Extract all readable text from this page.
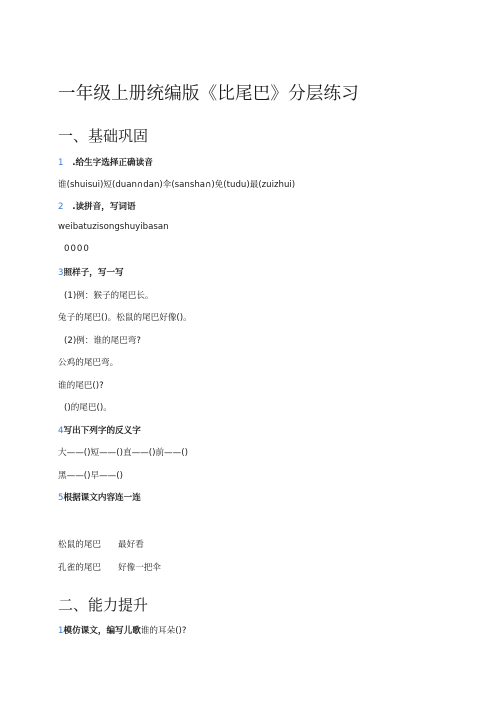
一年级上册统编版《比尾巴》分层练习
一、基础巩固
1 .给生字选择正确读音
谁(shuisui)短(duan∩dan)伞(sansha∩)免(tudu)最(zuizhui)
2 .读拼音，写词语
weibatuzisongshuyibasan
0000
3照样子，写一写
(1)例：猴子的尾巴长。
兔子的尾巴()。松鼠的尾巴好像()。
(2)例：谁的尾巴弯?
公鸡的尾巴弯。
谁的尾巴()?
()的尾巴()。
4写出下列字的反义字
大——()短——()直——()前——()
黑——()早——()
5根据课文内容连一连
松鼠的尾巴 最好看
孔雀的尾巴 好像一把伞
二、能力提升
1模仿课文，编写儿歌谁的耳朵()?
